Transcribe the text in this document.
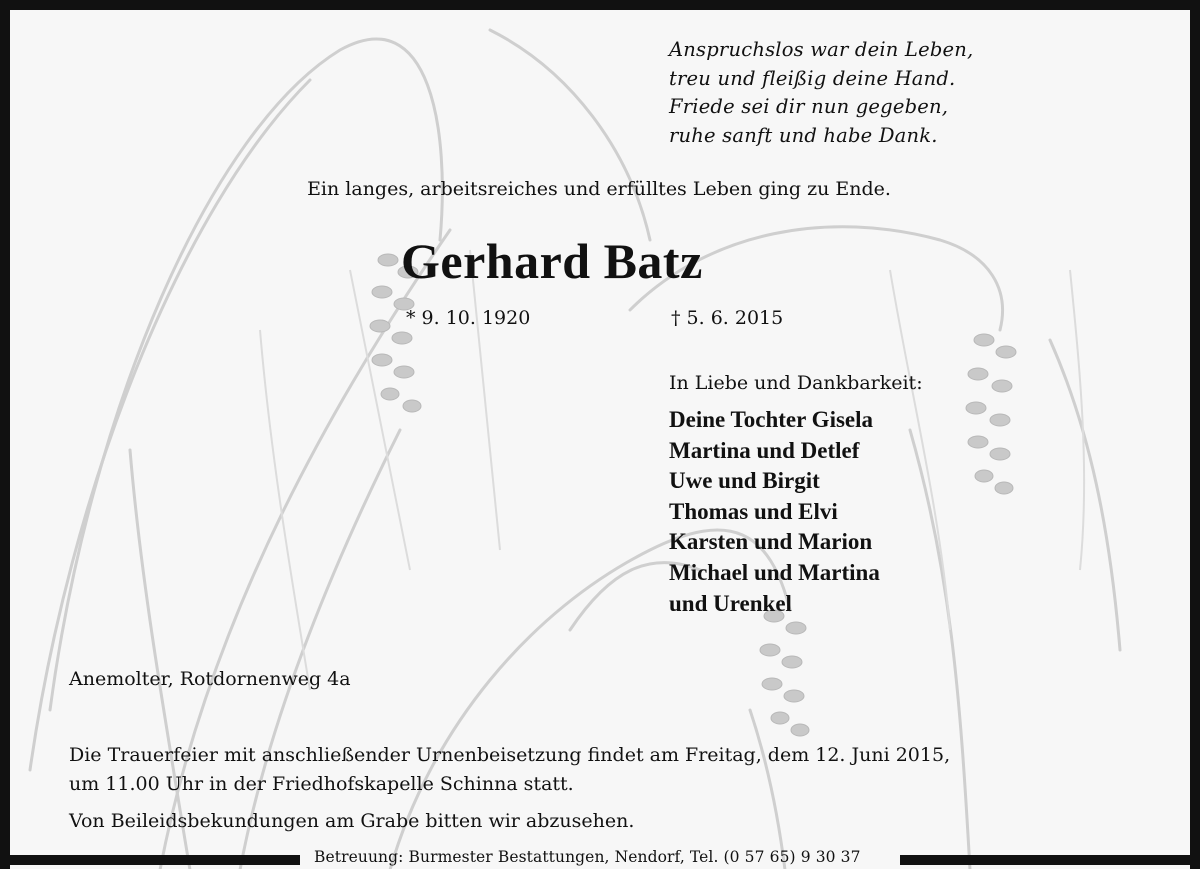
Anspruchslos war dein Leben,
treu und fleißig deine Hand.
Friede sei dir nun gegeben,
ruhe sanft und habe Dank.
Ein langes, arbeitsreiches und erfülltes Leben ging zu Ende.
Gerhard Batz
* 9. 10. 1920	† 5. 6. 2015
In Liebe und Dankbarkeit:
Deine Tochter Gisela
Martina und Detlef
Uwe und Birgit
Thomas und Elvi
Karsten und Marion
Michael und Martina
und Urenkel
Anemolter, Rotdornenweg 4a
Die Trauerfeier mit anschließender Urnenbeisetzung findet am Freitag, dem 12. Juni 2015,
um 11.00 Uhr in der Friedhofskapelle Schinna statt.
Von Beileidsbekundungen am Grabe bitten wir abzusehen.
Betreuung: Burmester Bestattungen, Nendorf, Tel. (0 57 65) 9 30 37
